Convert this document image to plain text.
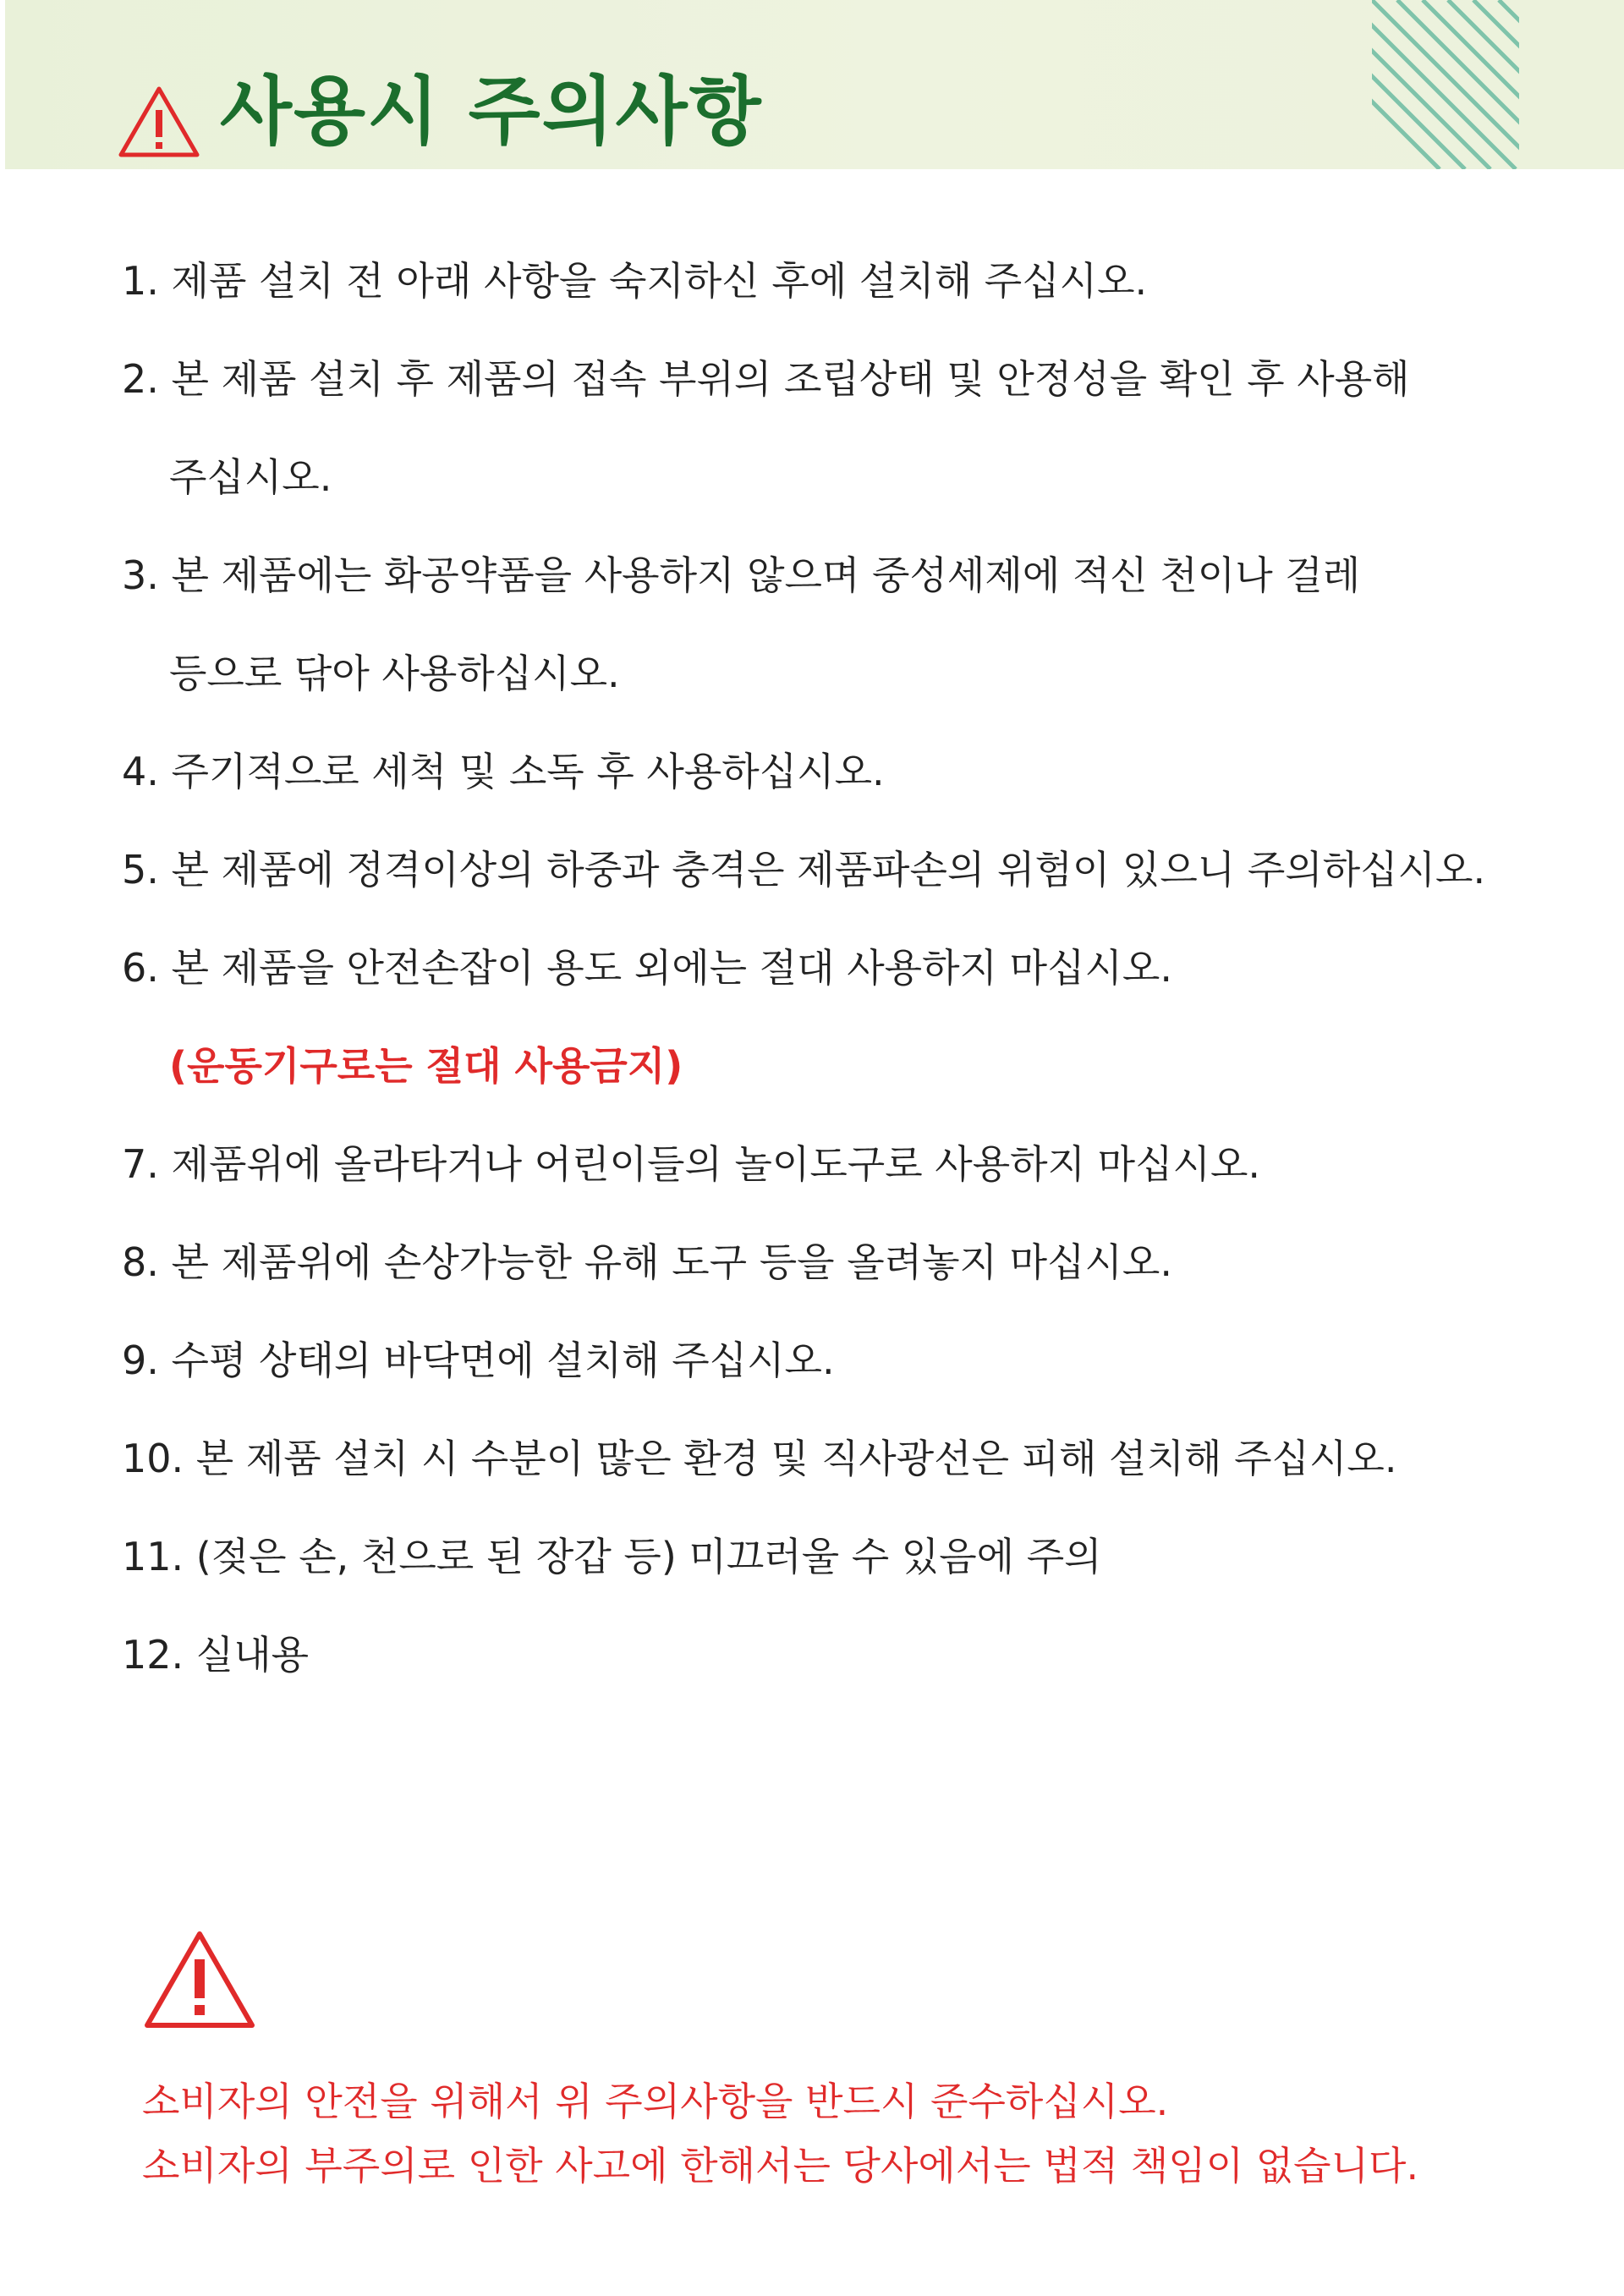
사용시 주의사항

1. 제품 설치 전 아래 사항을 숙지하신 후에 설치해 주십시오.

2. 본 제품 설치 후 제품의 접속 부위의 조립상태 및 안정성을 확인 후 사용해

주십시오.

3. 본 제품에는 화공약품을 사용하지 않으며 중성세제에 적신 천이나 걸레

등으로 닦아 사용하십시오.

4. 주기적으로 세척 및 소독 후 사용하십시오.

5. 본 제품에 정격이상의 하중과 충격은 제품파손의 위험이 있으니 주의하십시오.

6. 본 제품을 안전손잡이 용도 외에는 절대 사용하지 마십시오.

(운동기구로는 절대 사용금지)

7. 제품위에 올라타거나 어린이들의 놀이도구로 사용하지 마십시오.

8. 본 제품위에 손상가능한 유해 도구 등을 올려놓지 마십시오.

9. 수평 상태의 바닥면에 설치해 주십시오.

10. 본 제품 설치 시 수분이 많은 환경 및 직사광선은 피해 설치해 주십시오.

11. (젖은 손, 천으로 된 장갑 등) 미끄러울 수 있음에 주의

12. 실내용

소비자의 안전을 위해서 위 주의사항을 반드시 준수하십시오.

소비자의 부주의로 인한 사고에 한해서는 당사에서는 법적 책임이 없습니다.
